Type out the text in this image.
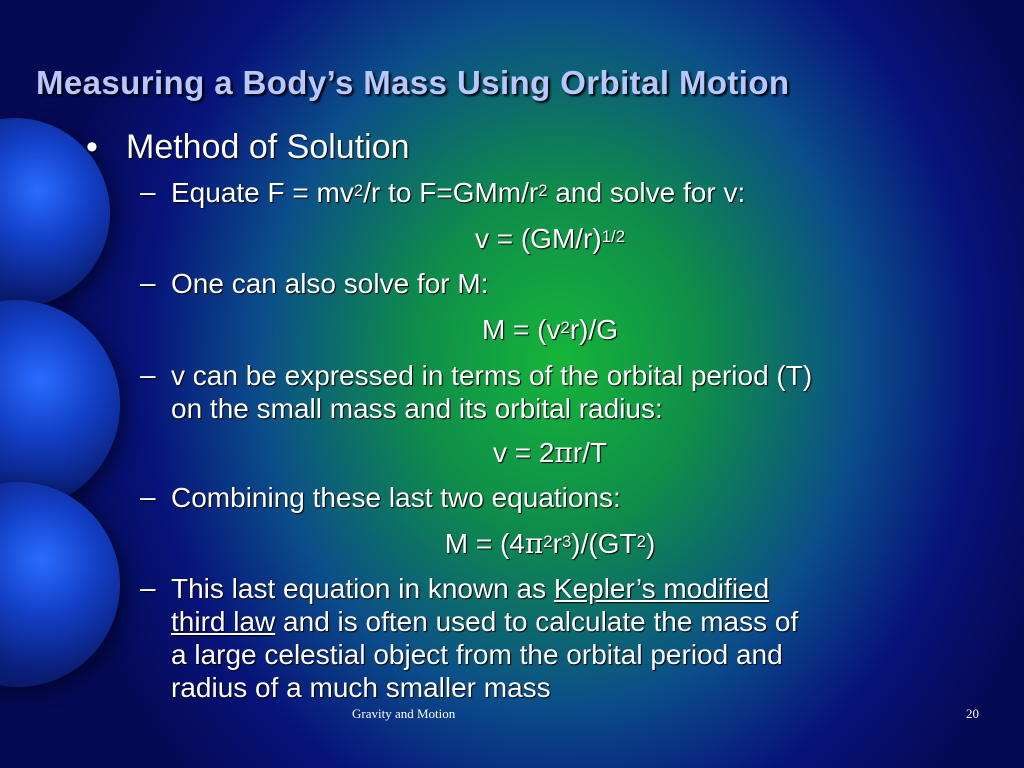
Measuring a Body’s Mass Using Orbital Motion
• Method of Solution
– Equate $F = mv^2/r$ to $F=GMm/r^2$ and solve for v:
$v = (GM/r)^{1/2}$
– One can also solve for M:
$M = (v^2r)/G$
– v can be expressed in terms of the orbital period (T)
on the small mass and its orbital radius:
v = 2πr/T
– Combining these last two equations:
$M = (4\pi^2r^3)/(GT^2)$
– This last equation in known as Kepler’s modified
third law and is often used to calculate the mass of
a large celestial object from the orbital period and
radius of a much smaller mass
Gravity and Motion	20
